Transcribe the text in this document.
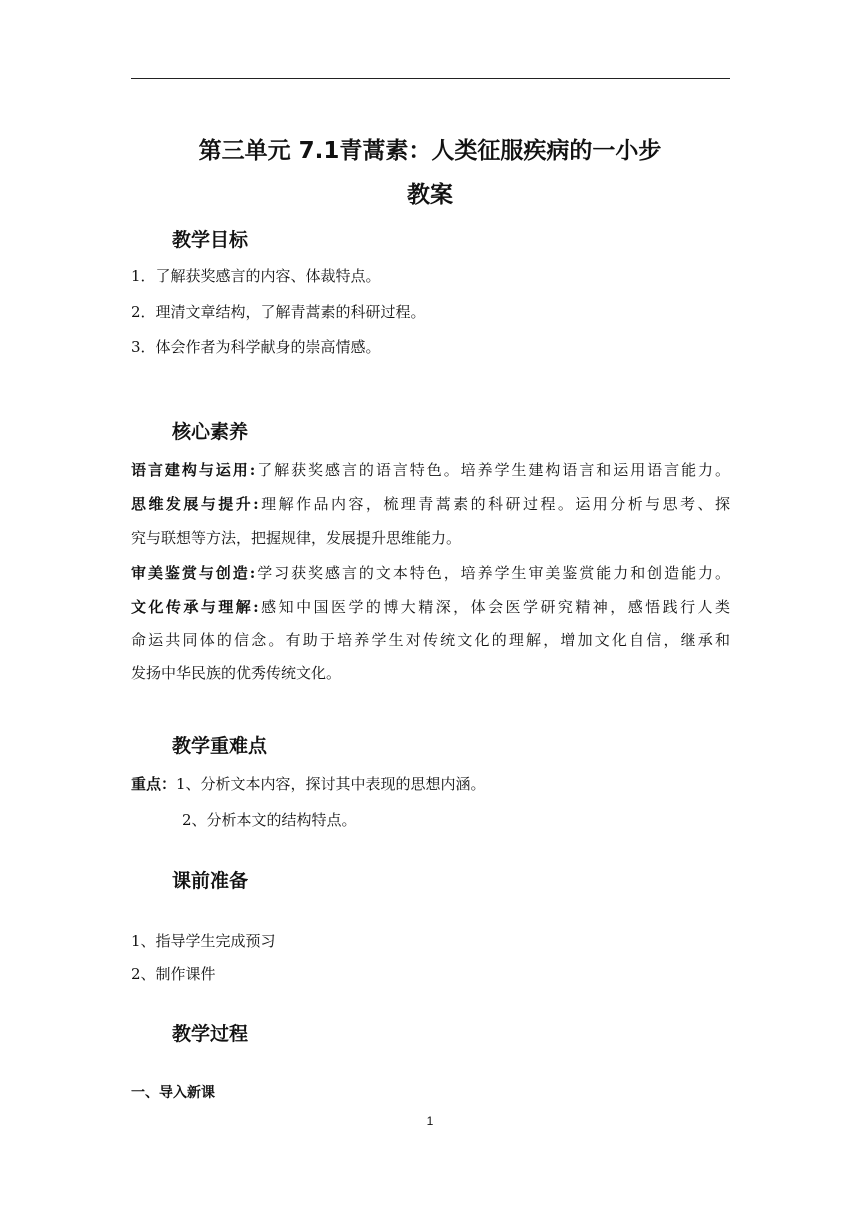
第三单元 7.1青蒿素：人类征服疾病的一小步
教案
教学目标
1．了解获奖感言的内容、体裁特点。
2．理清文章结构，了解青蒿素的科研过程。
3．体会作者为科学献身的崇高情感。
核心素养
语言建构与运用:了解获奖感言的语言特色。培养学生建构语言和运用语言能力。
思维发展与提升:理解作品内容，梳理青蒿素的科研过程。运用分析与思考、探
究与联想等方法，把握规律，发展提升思维能力。
审美鉴赏与创造:学习获奖感言的文本特色，培养学生审美鉴赏能力和创造能力。
文化传承与理解:感知中国医学的博大精深，体会医学研究精神，感悟践行人类
命运共同体的信念。有助于培养学生对传统文化的理解，增加文化自信，继承和
发扬中华民族的优秀传统文化。
教学重难点
重点：1、分析文本内容，探讨其中表现的思想内涵。
2、分析本文的结构特点。
课前准备
1、指导学生完成预习
2、制作课件
教学过程
一、导入新课
1
